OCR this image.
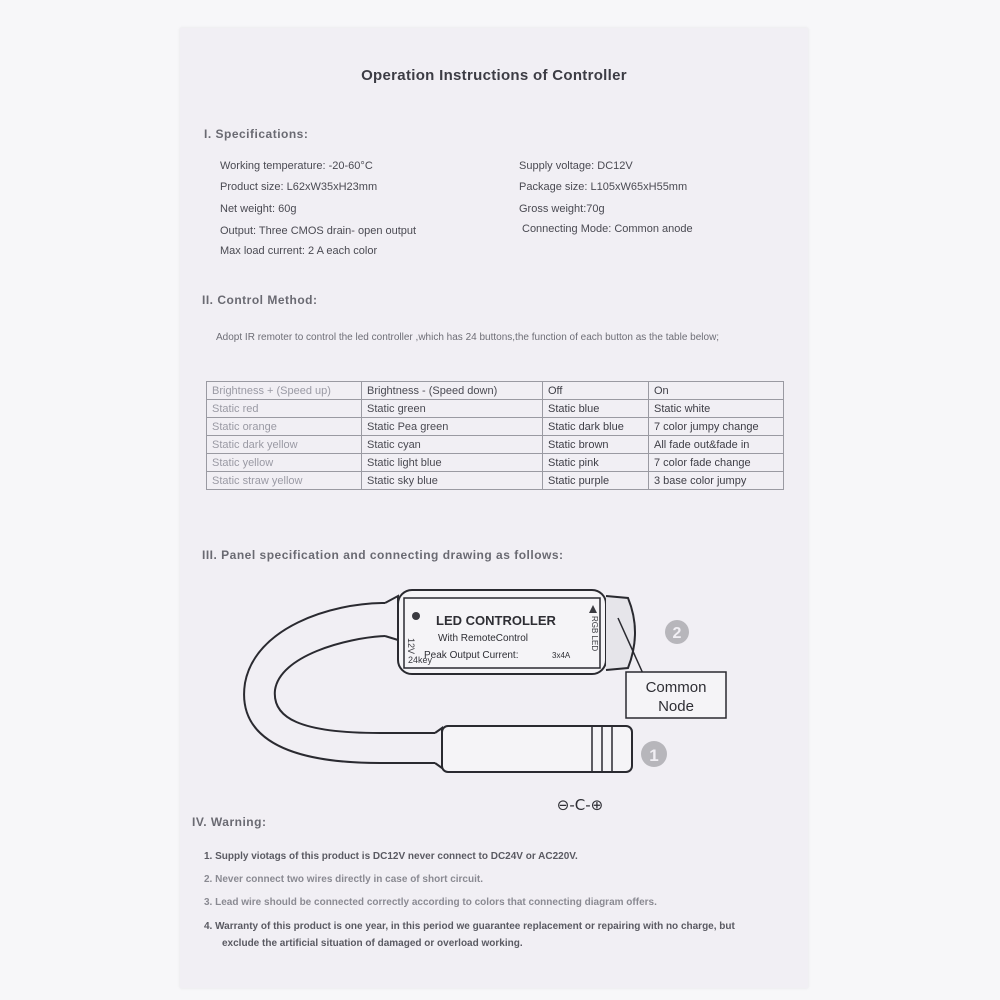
Operation Instructions of Controller
I. Specifications:
Working temperature: -20-60°C
Product size: L62xW35xH23mm
Net weight: 60g
Output: Three CMOS drain- open output
Max load current: 2 A each color
Supply voltage: DC12V
Package size: L105xW65xH55mm
Gross weight:70g
Connecting Mode: Common anode
II. Control Method:
Adopt IR remoter to control the led controller ,which has 24 buttons,the function of each button as the table below;
Brightness + (Speed up)	Brightness - (Speed down)	Off	On
Static red	Static green	Static blue	Static white
Static orange	Static Pea green	Static dark blue	7 color jumpy change
Static dark yellow	Static cyan	Static brown	All fade out&fade in
Static yellow	Static light blue	Static pink	7 color fade change
Static straw yellow	Static sky blue	Static purple	3 base color jumpy
III. Panel specification and connecting drawing as follows:
12V
24key
LED CONTROLLER
With RemoteControl
Peak Output Current:	3x4A
RGB LED
Common
Node
2
1
⊖-C-⊕
IV. Warning:
1. Supply viotags of this product is DC12V never connect to DC24V or AC220V.
2. Never connect two wires directly in case of short circuit.
3. Lead wire should be connected correctly according to colors that connecting diagram offers.
4. Warranty of this product is one year, in this period we guarantee replacement or repairing with no charge, but
exclude the artificial situation of damaged or overload working.
